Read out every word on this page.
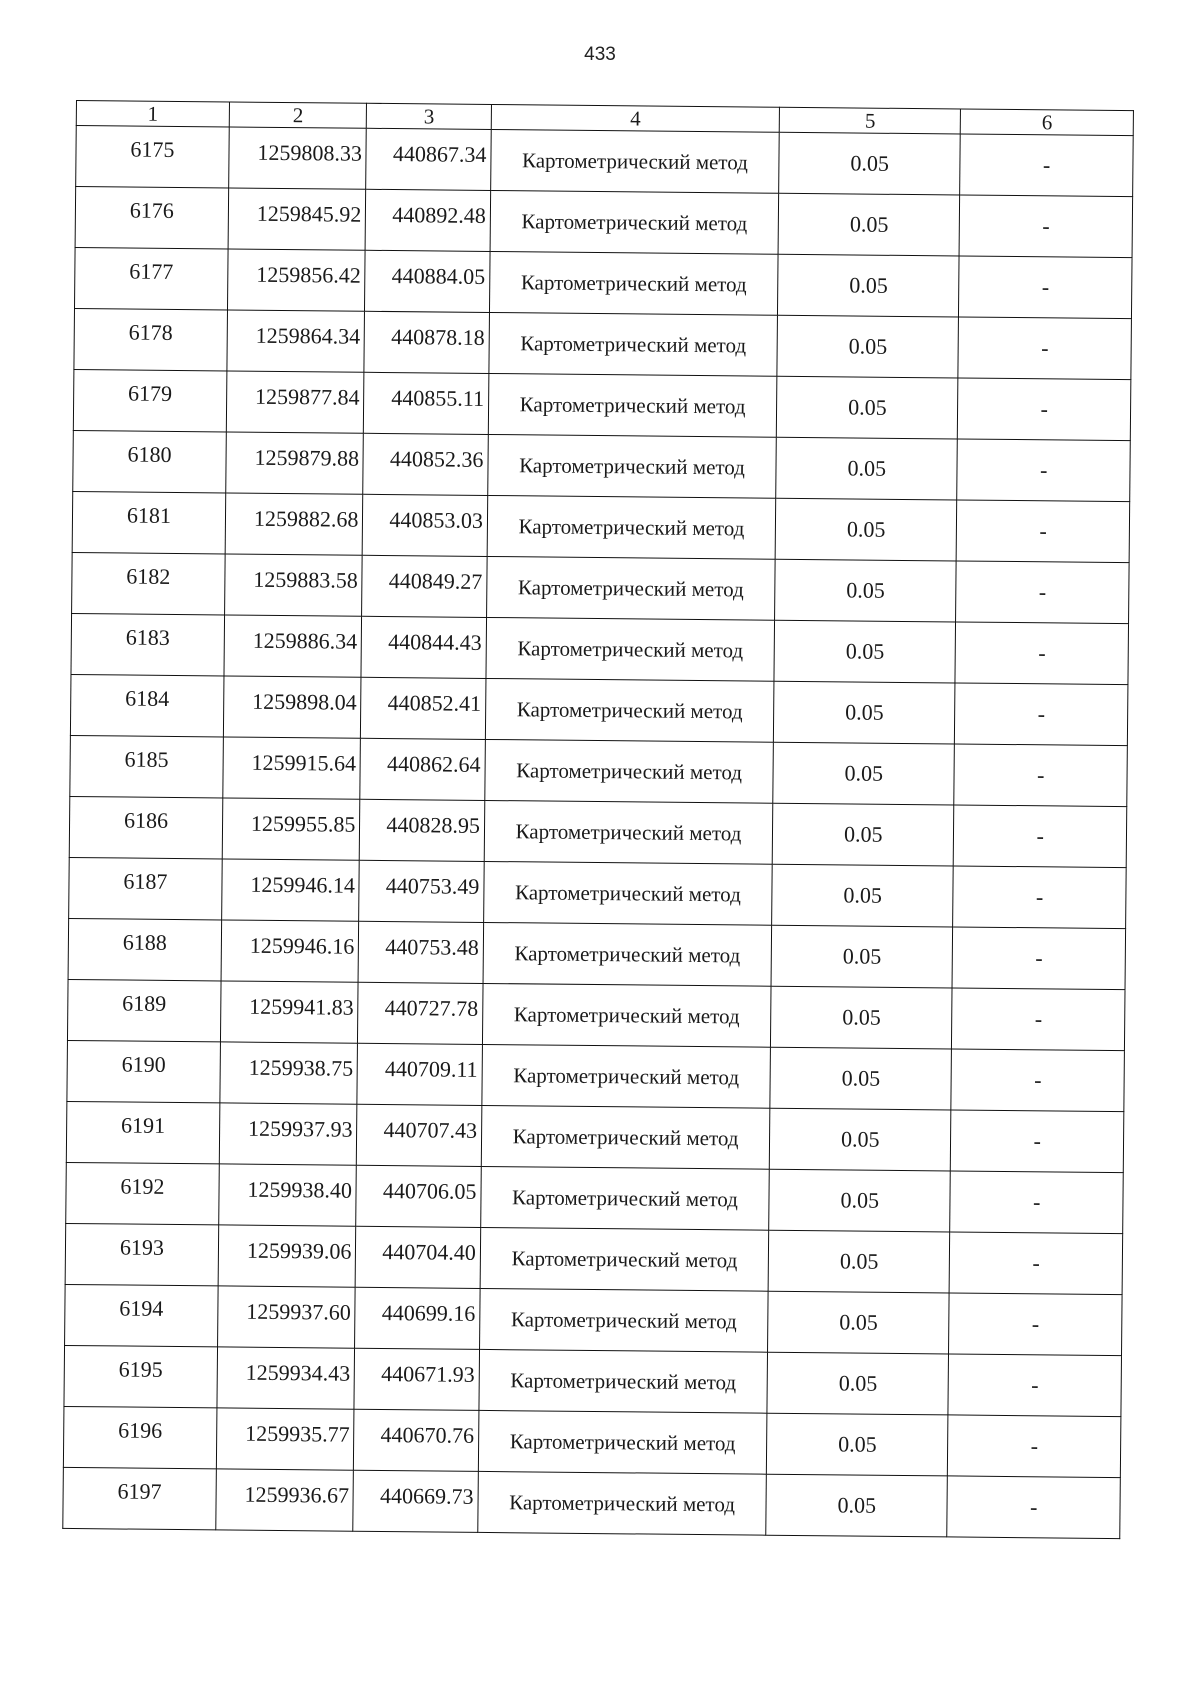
433
1	2	3	4	5	6
6175	1259808.33	440867.34	Картометрический метод	0.05	-
6176	1259845.92	440892.48	Картометрический метод	0.05	-
6177	1259856.42	440884.05	Картометрический метод	0.05	-
6178	1259864.34	440878.18	Картометрический метод	0.05	-
6179	1259877.84	440855.11	Картометрический метод	0.05	-
6180	1259879.88	440852.36	Картометрический метод	0.05	-
6181	1259882.68	440853.03	Картометрический метод	0.05	-
6182	1259883.58	440849.27	Картометрический метод	0.05	-
6183	1259886.34	440844.43	Картометрический метод	0.05	-
6184	1259898.04	440852.41	Картометрический метод	0.05	-
6185	1259915.64	440862.64	Картометрический метод	0.05	-
6186	1259955.85	440828.95	Картометрический метод	0.05	-
6187	1259946.14	440753.49	Картометрический метод	0.05	-
6188	1259946.16	440753.48	Картометрический метод	0.05	-
6189	1259941.83	440727.78	Картометрический метод	0.05	-
6190	1259938.75	440709.11	Картометрический метод	0.05	-
6191	1259937.93	440707.43	Картометрический метод	0.05	-
6192	1259938.40	440706.05	Картометрический метод	0.05	-
6193	1259939.06	440704.40	Картометрический метод	0.05	-
6194	1259937.60	440699.16	Картометрический метод	0.05	-
6195	1259934.43	440671.93	Картометрический метод	0.05	-
6196	1259935.77	440670.76	Картометрический метод	0.05	-
6197	1259936.67	440669.73	Картометрический метод	0.05	-
